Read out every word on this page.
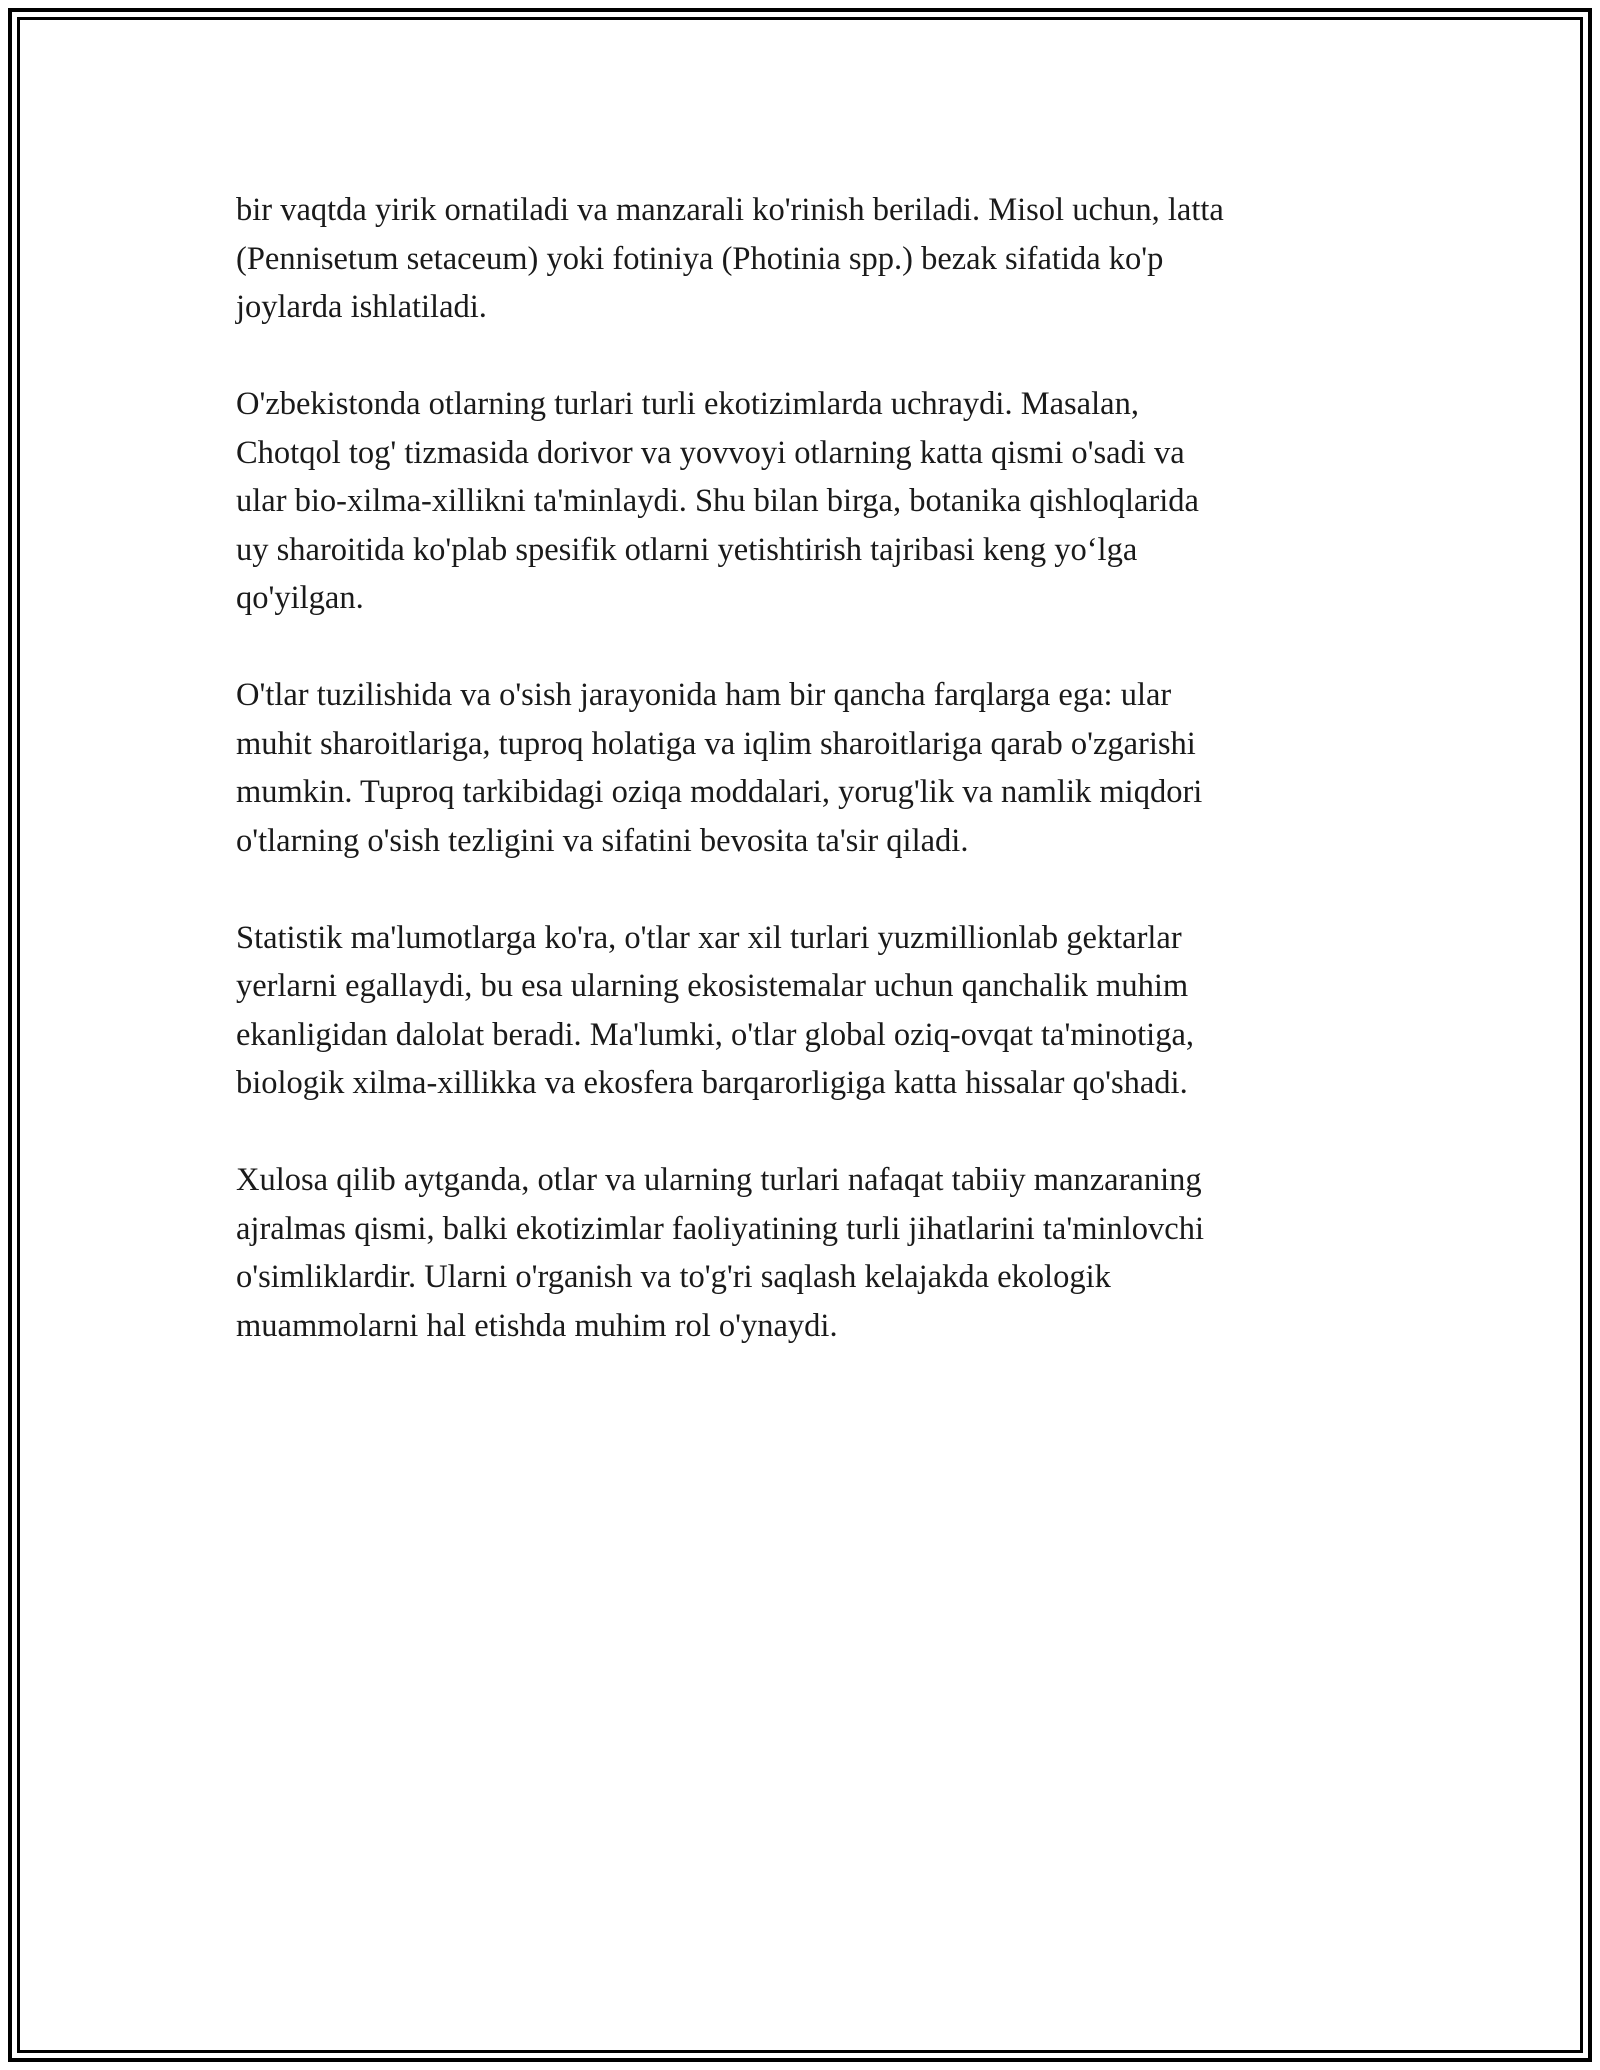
bir vaqtda yirik ornatiladi va manzarali ko'rinish beriladi. Misol uchun, latta
(Pennisetum setaceum) yoki fotiniya (Photinia spp.) bezak sifatida ko'p
joylarda ishlatiladi.

O'zbekistonda otlarning turlari turli ekotizimlarda uchraydi. Masalan,
Chotqol tog' tizmasida dorivor va yovvoyi otlarning katta qismi o'sadi va
ular bio-xilma-xillikni ta'minlaydi. Shu bilan birga, botanika qishloqlarida
uy sharoitida ko'plab spesifik otlarni yetishtirish tajribasi keng yo‘lga
qo'yilgan.

O'tlar tuzilishida va o'sish jarayonida ham bir qancha farqlarga ega: ular
muhit sharoitlariga, tuproq holatiga va iqlim sharoitlariga qarab o'zgarishi
mumkin. Tuproq tarkibidagi oziqa moddalari, yorug'lik va namlik miqdori
o'tlarning o'sish tezligini va sifatini bevosita ta'sir qiladi.

Statistik ma'lumotlarga ko'ra, o'tlar xar xil turlari yuzmillionlab gektarlar
yerlarni egallaydi, bu esa ularning ekosistemalar uchun qanchalik muhim
ekanligidan dalolat beradi. Ma'lumki, o'tlar global oziq-ovqat ta'minotiga,
biologik xilma-xillikka va ekosfera barqarorligiga katta hissalar qo'shadi.

Xulosa qilib aytganda, otlar va ularning turlari nafaqat tabiiy manzaraning
ajralmas qismi, balki ekotizimlar faoliyatining turli jihatlarini ta'minlovchi
o'simliklardir. Ularni o'rganish va to'g'ri saqlash kelajakda ekologik
muammolarni hal etishda muhim rol o'ynaydi.
